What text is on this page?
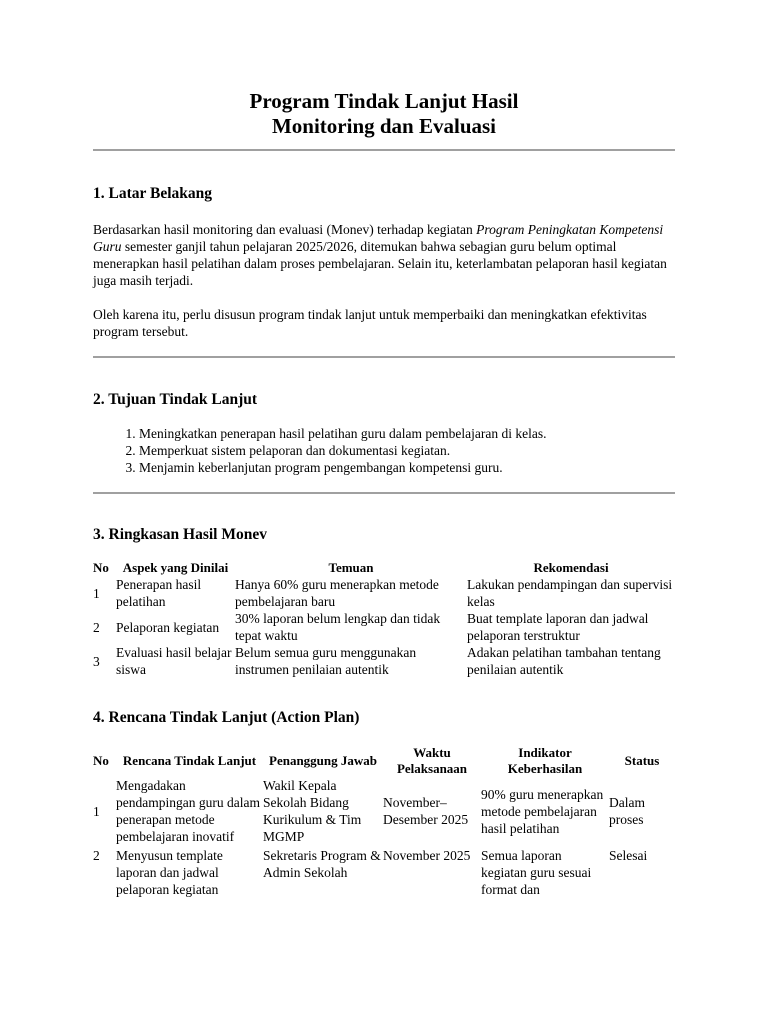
Program Tindak Lanjut Hasil
Monitoring dan Evaluasi
1. Latar Belakang

Berdasarkan hasil monitoring dan evaluasi (Monev) terhadap kegiatan Program Peningkatan Kompetensi Guru semester ganjil tahun pelajaran 2025/2026, ditemukan bahwa sebagian guru belum optimal menerapkan hasil pelatihan dalam proses pembelajaran. Selain itu, keterlambatan pelaporan hasil kegiatan juga masih terjadi.

Oleh karena itu, perlu disusun program tindak lanjut untuk memperbaiki dan meningkatkan efektivitas program tersebut.

2. Tujuan Tindak Lanjut
1. Meningkatkan penerapan hasil pelatihan guru dalam pembelajaran di kelas.
2. Memperkuat sistem pelaporan dan dokumentasi kegiatan.
3. Menjamin keberlanjutan program pengembangan kompetensi guru.
3. Ringkasan Hasil Monev
No	Aspek yang Dinilai	Temuan	Rekomendasi
1	Penerapan hasil pelatihan	Hanya 60% guru menerapkan metode pembelajaran baru	Lakukan pendampingan dan supervisi kelas
2	Pelaporan kegiatan	30% laporan belum lengkap dan tidak tepat waktu	Buat template laporan dan jadwal pelaporan terstruktur
3	Evaluasi hasil belajar siswa	Belum semua guru menggunakan instrumen penilaian autentik	Adakan pelatihan tambahan tentang penilaian autentik
4. Rencana Tindak Lanjut (Action Plan)
No	Rencana Tindak Lanjut	Penanggung Jawab	Waktu Pelaksanaan	Indikator Keberhasilan	Status
1	Mengadakan pendampingan guru dalam penerapan metode pembelajaran inovatif	Wakil Kepala Sekolah Bidang Kurikulum & Tim MGMP	November–Desember 2025	90% guru menerapkan metode pembelajaran hasil pelatihan	Dalam proses
2	Menyusun template laporan dan jadwal pelaporan kegiatan	Sekretaris Program & Admin Sekolah	November 2025	Semua laporan kegiatan guru sesuai format dan	Selesai
